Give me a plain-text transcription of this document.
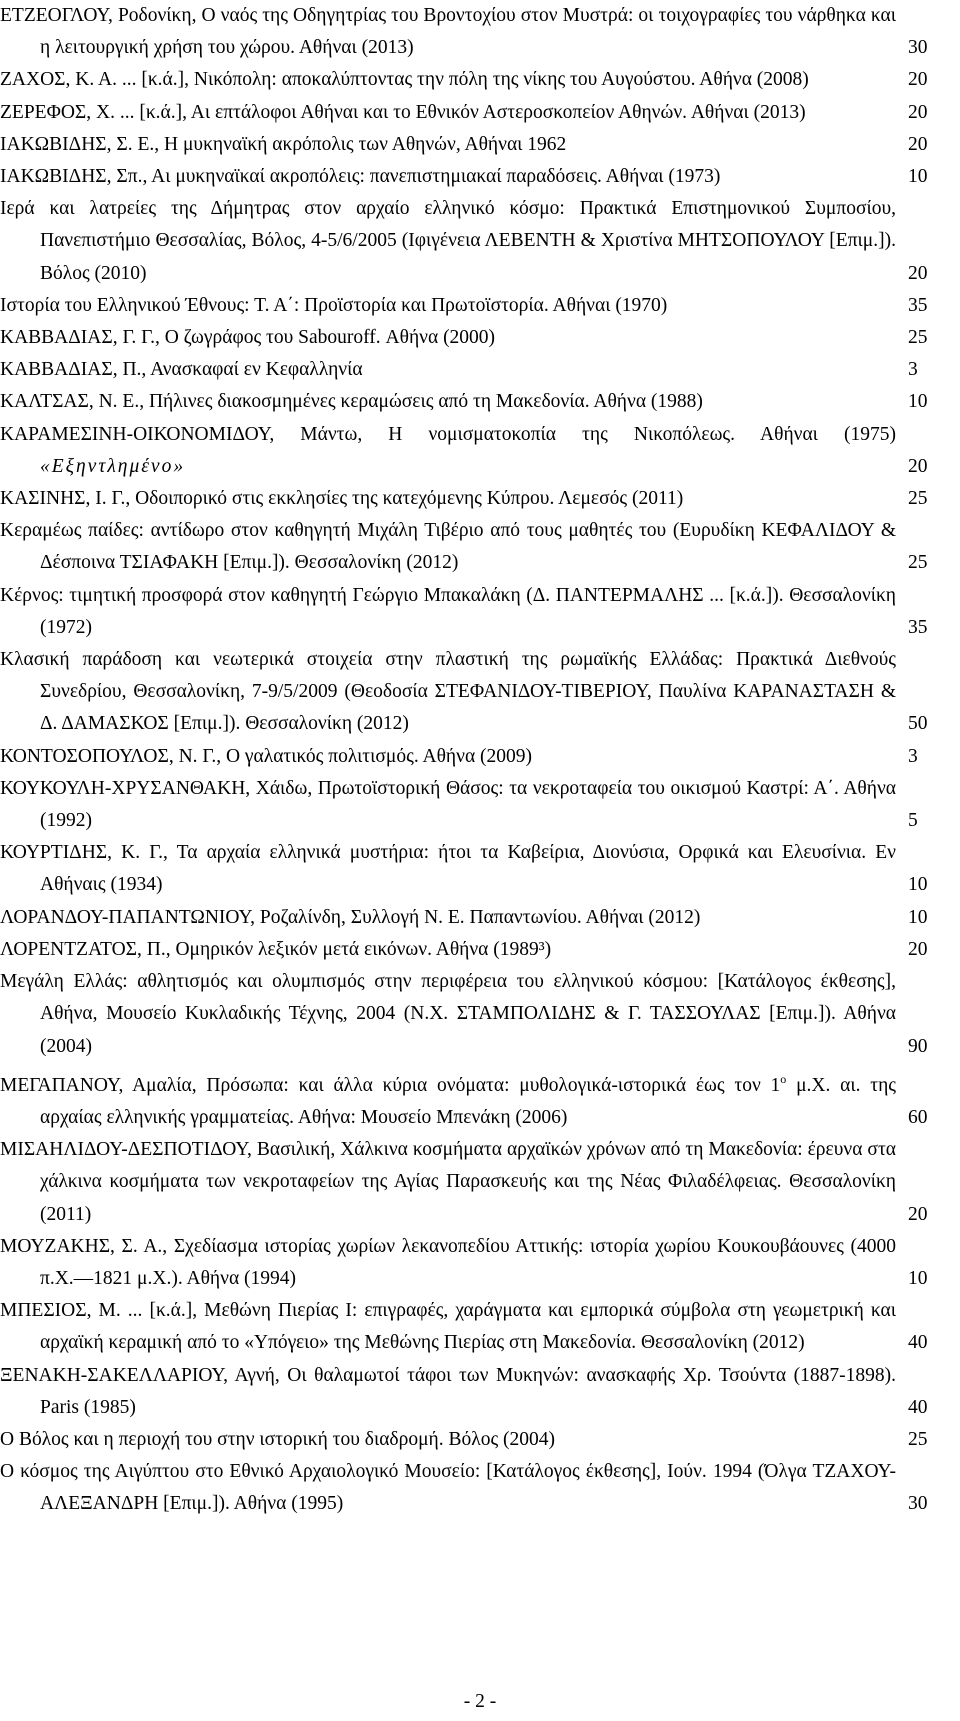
ΕΤΖΕΟΓΛΟΥ, Ροδονίκη, Ο ναός της Οδηγητρίας του Βροντοχίου στον Μυστρά: οι τοιχογραφίες του νάρθηκα και η λειτουργική χρήση του χώρου. Αθήναι (2013)	30
ΖΑΧΟΣ, Κ. Α. ... [κ.ά.], Νικόπολη: αποκαλύπτοντας την πόλη της νίκης του Αυγούστου. Αθήνα (2008)	20
ΖΕΡΕΦΟΣ, Χ. ... [κ.ά.], Αι επτάλοφοι Αθήναι και το Εθνικόν Αστεροσκοπείον Αθηνών. Αθήναι (2013)	20
ΙΑΚΩΒΙΔΗΣ, Σ. Ε., Η μυκηναϊκή ακρόπολις των Αθηνών, Αθήναι 1962	20
ΙΑΚΩΒΙΔΗΣ, Σπ., Αι μυκηναϊκαί ακροπόλεις: πανεπιστημιακαί παραδόσεις. Αθήναι (1973)	10
Ιερά και λατρείες της Δήμητρας στον αρχαίο ελληνικό κόσμο: Πρακτικά Επιστημονικού Συμποσίου, Πανεπιστήμιο Θεσσαλίας, Βόλος, 4-5/6/2005 (Ιφιγένεια ΛΕΒΕΝΤΗ & Χριστίνα ΜΗΤΣΟΠΟΥΛΟΥ [Επιμ.]). Βόλος (2010)	20
Ιστορία του Ελληνικού Έθνους: Τ. Α΄: Προϊστορία και Πρωτοϊστορία. Αθήναι (1970)	35
ΚΑΒΒΑΔΙΑΣ, Γ. Γ., Ο ζωγράφος του Sabouroff. Αθήνα (2000)	25
ΚΑΒΒΑΔΙΑΣ, Π., Ανασκαφαί εν Κεφαλληνία	3
ΚΑΛΤΣΑΣ, Ν. Ε., Πήλινες διακοσμημένες κεραμώσεις από τη Μακεδονία. Αθήνα (1988)	10
ΚΑΡΑΜΕΣΙΝΗ-ΟΙΚΟΝΟΜΙΔΟΥ, Μάντω, Η νομισματοκοπία της Νικοπόλεως. Αθήναι (1975) «Εξηντλημένο»	20
ΚΑΣΙΝΗΣ, Ι. Γ., Οδοιπορικό στις εκκλησίες της κατεχόμενης Κύπρου. Λεμεσός (2011)	25
Κεραμέως παίδες: αντίδωρο στον καθηγητή Μιχάλη Τιβέριο από τους μαθητές του (Ευρυδίκη ΚΕΦΑΛΙΔΟΥ & Δέσποινα ΤΣΙΑΦΑΚΗ [Επιμ.]). Θεσσαλονίκη (2012)	25
Κέρνος: τιμητική προσφορά στον καθηγητή Γεώργιο Μπακαλάκη (Δ. ΠΑΝΤΕΡΜΑΛΗΣ ... [κ.ά.]). Θεσσαλονίκη (1972)	35
Κλασική παράδοση και νεωτερικά στοιχεία στην πλαστική της ρωμαϊκής Ελλάδας: Πρακτικά Διεθνούς Συνεδρίου, Θεσσαλονίκη, 7-9/5/2009 (Θεοδοσία ΣΤΕΦΑΝΙΔΟΥ-ΤΙΒΕΡΙΟΥ, Παυλίνα ΚΑΡΑΝΑΣΤΑΣΗ & Δ. ΔΑΜΑΣΚΟΣ [Επιμ.]). Θεσσαλονίκη (2012)	50
ΚΟΝΤΟΣΟΠΟΥΛΟΣ, Ν. Γ., Ο γαλατικός πολιτισμός. Αθήνα (2009)	3
ΚΟΥΚΟΥΛΗ-ΧΡΥΣΑΝΘΑΚΗ, Χάιδω, Πρωτοϊστορική Θάσος: τα νεκροταφεία του οικισμού Καστρί: Α΄. Αθήνα (1992)	5
ΚΟΥΡΤΙΔΗΣ, Κ. Γ., Τα αρχαία ελληνικά μυστήρια: ήτοι τα Καβείρια, Διονύσια, Ορφικά και Ελευσίνια. Εν Αθήναις (1934)	10
ΛΟΡΑΝΔΟΥ-ΠΑΠΑΝΤΩΝΙΟΥ, Ροζαλίνδη, Συλλογή Ν. Ε. Παπαντωνίου. Αθήναι (2012)	10
ΛΟΡΕΝΤΖΑΤΟΣ, Π., Ομηρικόν λεξικόν μετά εικόνων. Αθήνα (1989³)	20
Μεγάλη Ελλάς: αθλητισμός και ολυμπισμός στην περιφέρεια του ελληνικού κόσμου: [Κατάλογος έκθεσης], Αθήνα, Μουσείο Κυκλαδικής Τέχνης, 2004 (Ν.Χ. ΣΤΑΜΠΟΛΙΔΗΣ & Γ. ΤΑΣΣΟΥΛΑΣ [Επιμ.]). Αθήνα (2004)	90
ΜΕΓΑΠΑΝΟΥ, Αμαλία, Πρόσωπα: και άλλα κύρια ονόματα: μυθολογικά-ιστορικά έως τον $1^o$ μ.Χ. αι. της αρχαίας ελληνικής γραμματείας. Αθήνα: Μουσείο Μπενάκη (2006)	60
ΜΙΣΑΗΛΙΔΟΥ-ΔΕΣΠΟΤΙΔΟΥ, Βασιλική, Χάλκινα κοσμήματα αρχαϊκών χρόνων από τη Μακεδονία: έρευνα στα χάλκινα κοσμήματα των νεκροταφείων της Αγίας Παρασκευής και της Νέας Φιλαδέλφειας. Θεσσαλονίκη (2011)	20
ΜΟΥΖΑΚΗΣ, Σ. Α., Σχεδίασμα ιστορίας χωρίων λεκανοπεδίου Αττικής: ιστορία χωρίου Κουκουβάουνες (4000 π.Χ.—1821 μ.Χ.). Αθήνα (1994)	10
ΜΠΕΣΙΟΣ, Μ. ... [κ.ά.], Μεθώνη Πιερίας Ι: επιγραφές, χαράγματα και εμπορικά σύμβολα στη γεωμετρική και αρχαϊκή κεραμική από το «Υπόγειο» της Μεθώνης Πιερίας στη Μακεδονία. Θεσσαλονίκη (2012)	40
ΞΕΝΑΚΗ-ΣΑΚΕΛΛΑΡΙΟΥ, Αγνή, Οι θαλαμωτοί τάφοι των Μυκηνών: ανασκαφής Χρ. Τσούντα (1887-1898). Paris (1985)	40
Ο Βόλος και η περιοχή του στην ιστορική του διαδρομή. Βόλος (2004)	25
Ο κόσμος της Αιγύπτου στο Εθνικό Αρχαιολογικό Μουσείο: [Κατάλογος έκθεσης], Ιούν. 1994 (Όλγα ΤΖΑΧΟΥ-ΑΛΕΞΑΝΔΡΗ [Επιμ.]). Αθήνα (1995)	30
- 2 -
